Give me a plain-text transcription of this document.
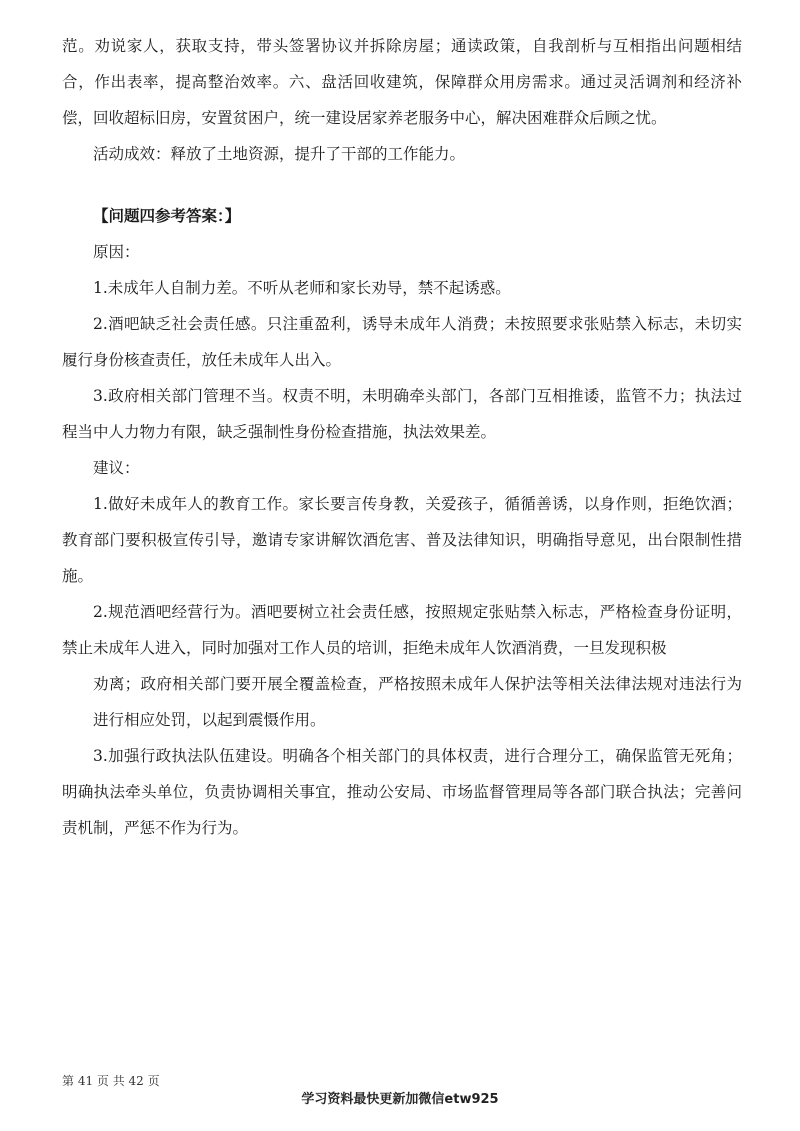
范。劝说家人，获取支持，带头签署协议并拆除房屋；通读政策，自我剖析与互相指出问题相结合，作出表率，提高整治效率。六、盘活回收建筑，保障群众用房需求。通过灵活调剂和经济补偿，回收超标旧房，安置贫困户，统一建设居家养老服务中心，解决困难群众后顾之忧。

活动成效：释放了土地资源，提升了干部的工作能力。

【问题四参考答案：】

原因：

1.未成年人自制力差。不听从老师和家长劝导，禁不起诱惑。

2.酒吧缺乏社会责任感。只注重盈利，诱导未成年人消费；未按照要求张贴禁入标志，未切实履行身份核查责任，放任未成年人出入。

3.政府相关部门管理不当。权责不明，未明确牵头部门，各部门互相推诿，监管不力；执法过程当中人力物力有限，缺乏强制性身份检查措施，执法效果差。

建议：

1.做好未成年人的教育工作。家长要言传身教，关爱孩子，循循善诱，以身作则，拒绝饮酒；教育部门要积极宣传引导，邀请专家讲解饮酒危害、普及法律知识，明确指导意见，出台限制性措施。

2.规范酒吧经营行为。酒吧要树立社会责任感，按照规定张贴禁入标志，严格检查身份证明，禁止未成年人进入，同时加强对工作人员的培训，拒绝未成年人饮酒消费，一旦发现积极

劝离；政府相关部门要开展全覆盖检查，严格按照未成年人保护法等相关法律法规对违法行为进行相应处罚，以起到震慑作用。

3.加强行政执法队伍建设。明确各个相关部门的具体权责，进行合理分工，确保监管无死角；明确执法牵头单位，负责协调相关事宜，推动公安局、市场监督管理局等各部门联合执法；完善问责机制，严惩不作为行为。

第 41 页 共 42 页
学习资料最快更新加微信etw925
